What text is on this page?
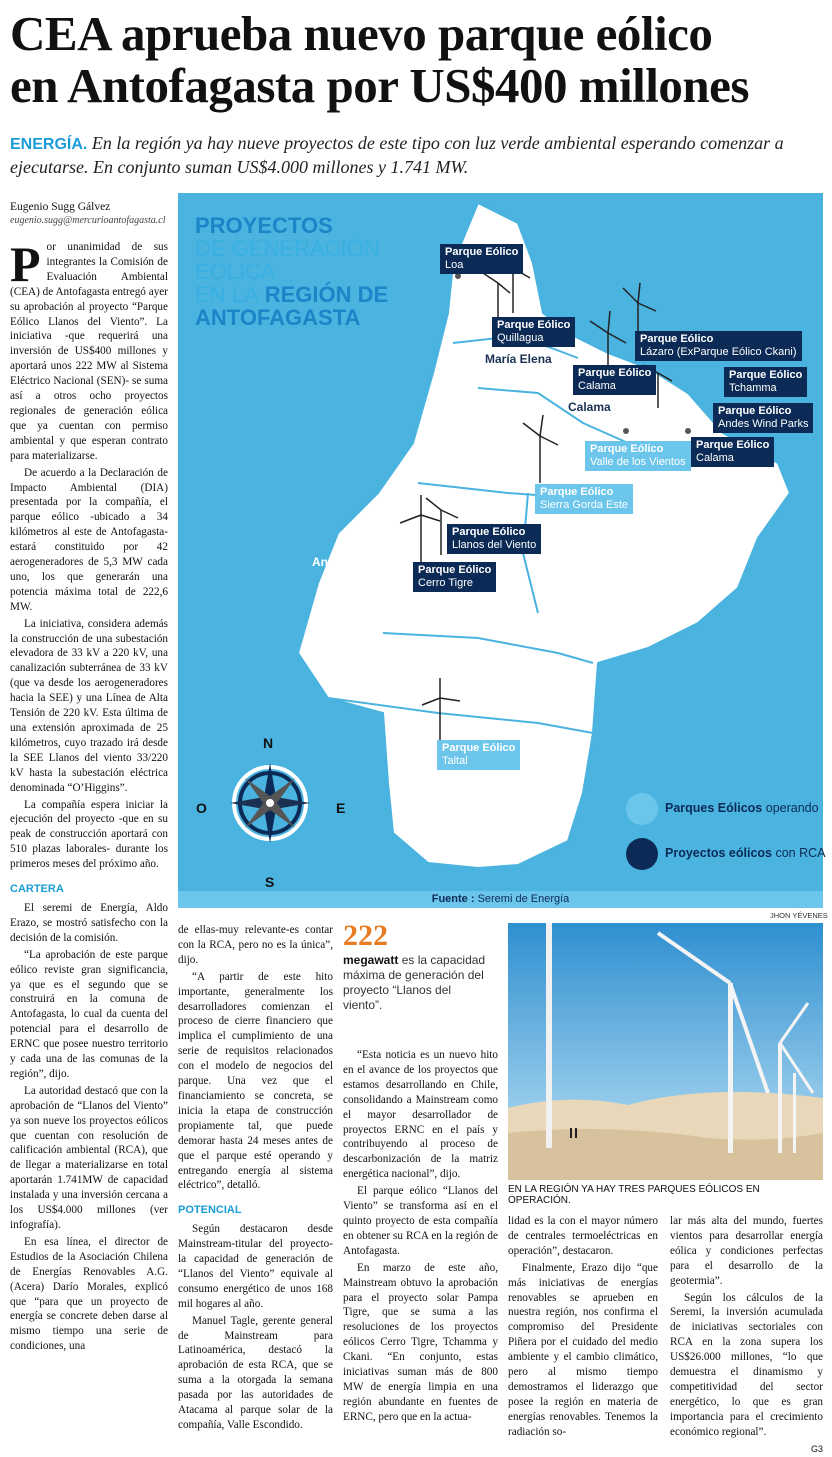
CEA aprueba nuevo parque eólico
en Antofagasta por US$400 millones
ENERGÍA. En la región ya hay nueve proyectos de este tipo con luz verde ambiental esperando comenzar a ejecutarse. En conjunto suman US$4.000 millones y 1.741 MW.
Eugenio Sugg Gálvez
eugenio.sugg@mercurioantofagasta.cl

Por unanimidad de sus integrantes la Comisión de Evaluación Ambiental (CEA) de Antofagasta entregó ayer su aprobación al proyecto “Parque Eólico Llanos del Viento”. La iniciativa -que requerirá una inversión de US$400 millones y aportará unos 222 MW al Sistema Eléctrico Nacional (SEN)- se suma así a otros ocho proyectos regionales de generación eólica que ya cuentan con permiso ambiental y que esperan contrato para materializarse.

De acuerdo a la Declaración de Impacto Ambiental (DIA) presentada por la compañía, el parque eólico -ubicado a 34 kilómetros al este de Antofagasta- estará constituido por 42 aerogeneradores de 5,3 MW cada uno, los que generarán una potencia máxima total de 222,6 MW.

La iniciativa, considera además la construcción de una subestación elevadora de 33 kV a 220 kV, una canalización subterránea de 33 kV (que va desde los aerogeneradores hacia la SEE) y una Línea de Alta Tensión de 220 kV. Esta última de una extensión aproximada de 25 kilómetros, cuyo trazado irá desde la SEE Llanos del viento 33/220 kV hasta la subestación eléctrica denominada “O’Higgins”.

La compañía espera iniciar la ejecución del proyecto -que en su peak de construcción aportará con 510 plazas laborales- durante los primeros meses del próximo año.

CARTERA

El seremi de Energía, Aldo Erazo, se mostró satisfecho con la decisión de la comisión.

“La aprobación de este parque eólico reviste gran significancia, ya que es el segundo que se construirá en la comuna de Antofagasta, lo cual da cuenta del potencial para el desarrollo de ERNC que posee nuestro territorio y cada una de las comunas de la región”, dijo.

La autoridad destacó que con la aprobación de “Llanos del Viento” ya son nueve los proyectos eólicos que cuentan con resolución de calificación ambiental (RCA), que de llegar a materializarse en total aportarán 1.741MW de capacidad instalada y una inversión cercana a los US$4.000 millones (ver infografía).

En esa línea, el director de Estudios de la Asociación Chilena de Energías Renovables A.G. (Acera) Darío Morales, explicó que “para que un proyecto de energía se concrete deben darse al mismo tiempo una serie de condiciones, una

PROYECTOS
DE GENERACIÓN
EÓLICA
EN LA REGIÓN DE
ANTOFAGASTA
Parque Eólico
Loa
Parque Eólico
Quillagua	Parque Eólico
Lázaro (ExParque Eólico Ckani)
Parque Eólico
Calama
Parque Eólico
Tchamma
Parque Eólico
Andes Wind Parks
Parque Eólico
Calama
Parque Eólico
Valle de los Vientos
Parque Eólico
Sierra Gorda Este
Parque Eólico
Llanos del Viento
Parque Eólico
Cerro Tigre
Parque Eólico
Taltal
María Elena
Calama
Antofagasta
N
S
E
O	Parques Eólicos operando
Proyectos eólicos con RCA
Fuente : Seremi de Energía

de ellas-muy relevante-es contar con la RCA, pero no es la única”, dijo.

“A partir de este hito importante, generalmente los desarrolladores comienzan el proceso de cierre financiero que implica el cumplimiento de una serie de requisitos relacionados con el modelo de negocios del parque. Una vez que el financiamiento se concreta, se inicia la etapa de construcción propiamente tal, que puede demorar hasta 24 meses antes de que el parque esté operando y entregando energía al sistema eléctrico”, detalló.

POTENCIAL

Según destacaron desde Mainstream-titular del proyecto- la capacidad de generación de “Llanos del Viento” equivale al consumo energético de unos 168 mil hogares al año.

Manuel Tagle, gerente general de Mainstream para Latinoamérica, destacó la aprobación de esta RCA, que se suma a la otorgada la semana pasada por las autoridades de Atacama al parque solar de la compañía, Valle Escondido.

222
megawatt es la capacidad máxima de generación del proyecto “Llanos del viento”.

“Esta noticia es un nuevo hito en el avance de los proyectos que estamos desarrollando en Chile, consolidando a Mainstream como el mayor desarrollador de proyectos ERNC en el país y contribuyendo al proceso de descarbonización de la matriz energética nacional”, dijo.

El parque eólico “Llanos del Viento” se transforma así en el quinto proyecto de esta compañía en obtener su RCA en la región de Antofagasta.

En marzo de este año, Mainstream obtuvo la aprobación para el proyecto solar Pampa Tigre, que se suma a las resoluciones de los proyectos eólicos Cerro Tigre, Tchamma y Ckani. “En conjunto, estas iniciativas suman más de 800 MW de energía limpia en una región abundante en fuentes de ERNC, pero que en la actua-

JHON YÉVENES
EN LA REGIÓN YA HAY TRES PARQUES EÓLICOS EN OPERACIÓN.

lidad es la con el mayor número de centrales termoeléctricas en operación”, destacaron.

Finalmente, Erazo dijo “que más iniciativas de energías renovables se aprueben en nuestra región, nos confirma el compromiso del Presidente Piñera por el cuidado del medio ambiente y el cambio climático, pero al mismo tiempo demostramos el liderazgo que posee la región en materia de energías renovables. Tenemos la radiación so-

lar más alta del mundo, fuertes vientos para desarrollar energía eólica y condiciones perfectas para el desarrollo de la geotermia”.

Según los cálculos de la Seremi, la inversión acumulada de iniciativas sectoriales con RCA en la zona supera los US$26.000 millones, “lo que demuestra el dinamismo y competitividad del sector energético, lo que es gran importancia para el crecimiento económico regional”.

G3
